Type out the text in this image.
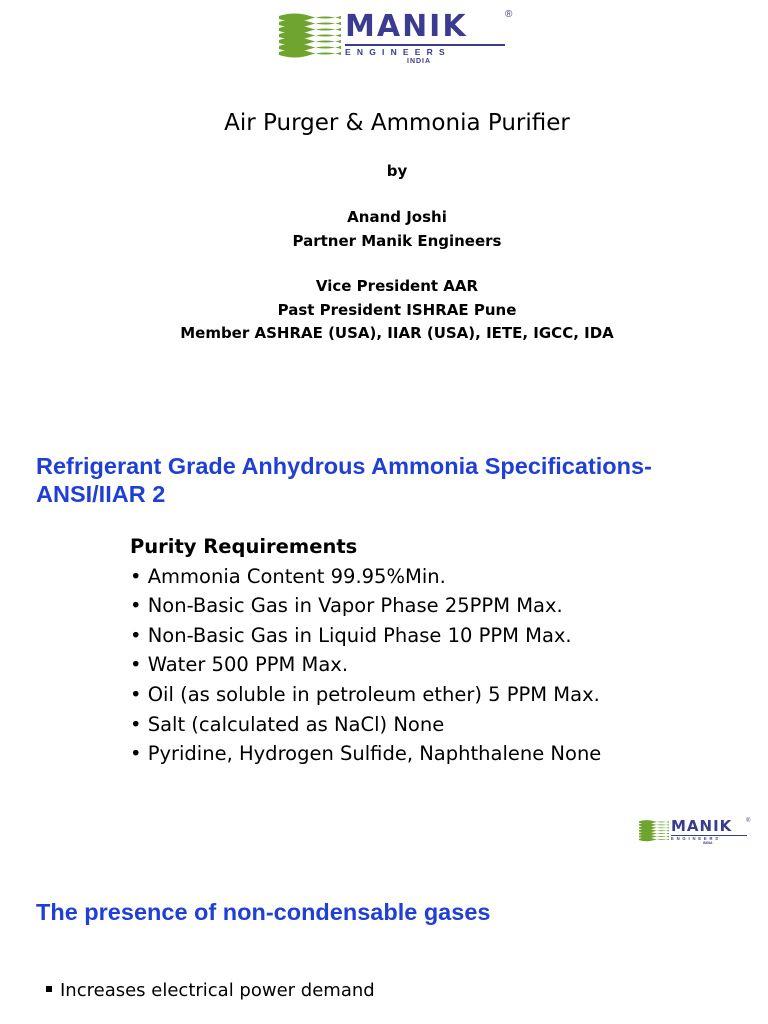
MANIK	®
ENGINEERS
INDIA
Air Purger & Ammonia Purifier
by
Anand Joshi
Partner Manik Engineers
Vice President AAR
Past President ISHRAE Pune
Member ASHRAE (USA), IIAR (USA), IETE, IGCC, IDA
Refrigerant Grade Anhydrous Ammonia Specifications-
ANSI/IIAR 2
Purity Requirements
• Ammonia Content 99.95%Min.
• Non-Basic Gas in Vapor Phase 25PPM Max.
• Non-Basic Gas in Liquid Phase 10 PPM Max.
• Water 500 PPM Max.
• Oil (as soluble in petroleum ether) 5 PPM Max.
• Salt (calculated as NaCl) None
• Pyridine, Hydrogen Sulfide, Naphthalene None
MANIK ®
ENGINEERS
INDIA
The presence of non-condensable gases
Increases electrical power demand
